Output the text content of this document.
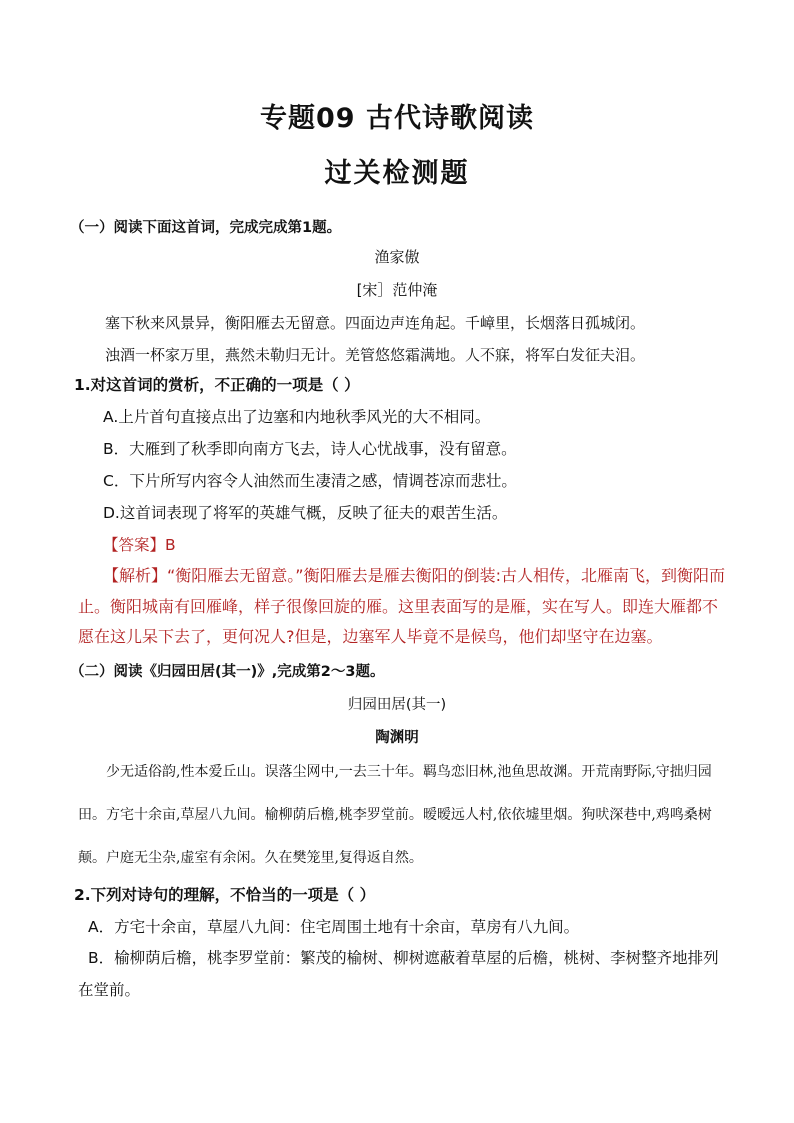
专题09 古代诗歌阅读
过关检测题
（一）阅读下面这首词，完成完成第1题。
渔家傲
[宋］范仲淹
塞下秋来风景异，衡阳雁去无留意。四面边声连角起。千嶂里，长烟落日孤城闭。
浊酒一杯家万里，燕然未勒归无计。羌管悠悠霜满地。人不寐，将军白发征夫泪。
1.对这首词的赏析，不正确的一项是（ ）
A.上片首句直接点出了边塞和内地秋季风光的大不相同。
B．大雁到了秋季即向南方飞去，诗人心忧战事，没有留意。
C．下片所写内容令人油然而生凄清之感，情调苍凉而悲壮。
D.这首词表现了将军的英雄气概，反映了征夫的艰苦生活。
【答案】B
【解析】“衡阳雁去无留意。”衡阳雁去是雁去衡阳的倒装:古人相传，北雁南飞，到衡阳而止。衡阳城南有回雁峰，样子很像回旋的雁。这里表面写的是雁，实在写人。即连大雁都不愿在这儿呆下去了，更何况人?但是，边塞军人毕竟不是候鸟，他们却坚守在边塞。
（二）阅读《归园田居(其一)》,完成第2～3题。
归园田居(其一)
陶渊明
少无适俗韵,性本爱丘山。误落尘网中,一去三十年。羁鸟恋旧林,池鱼思故渊。开荒南野际,守拙归园田。方宅十余亩,草屋八九间。榆柳荫后檐,桃李罗堂前。暧暧远人村,依依墟里烟。狗吠深巷中,鸡鸣桑树颠。户庭无尘杂,虚室有余闲。久在樊笼里,复得返自然。
2.下列对诗句的理解，不恰当的一项是（ ）
A．方宅十余亩，草屋八九间：住宅周围土地有十余亩，草房有八九间。
B．榆柳荫后檐，桃李罗堂前：繁茂的榆树、柳树遮蔽着草屋的后檐，桃树、李树整齐地排列在堂前。
